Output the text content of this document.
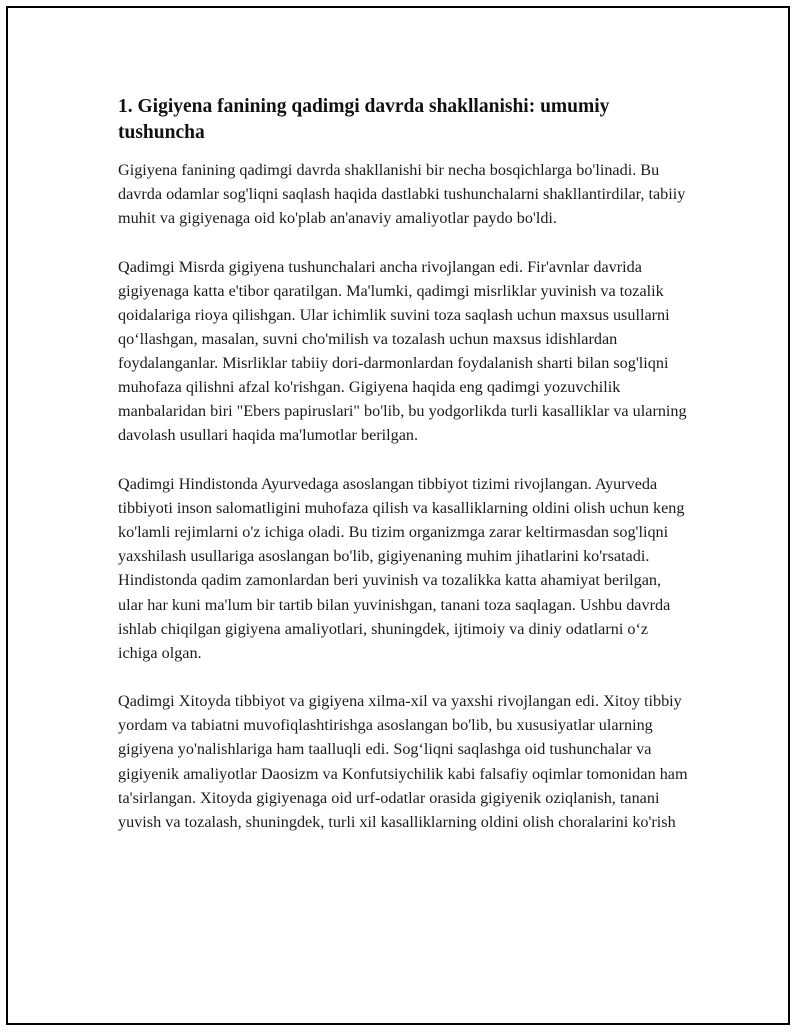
1. Gigiyena fanining qadimgi davrda shakllanishi: umumiy tushuncha

Gigiyena fanining qadimgi davrda shakllanishi bir necha bosqichlarga bo'linadi. Bu davrda odamlar sog'liqni saqlash haqida dastlabki tushunchalarni shakllantirdilar, tabiiy muhit va gigiyenaga oid ko'plab an'anaviy amaliyotlar paydo bo'ldi.

Qadimgi Misrda gigiyena tushunchalari ancha rivojlangan edi. Fir'avnlar davrida gigiyenaga katta e'tibor qaratilgan. Ma'lumki, qadimgi misrliklar yuvinish va tozalik qoidalariga rioya qilishgan. Ular ichimlik suvini toza saqlash uchun maxsus usullarni qo‘llashgan, masalan, suvni cho'milish va tozalash uchun maxsus idishlardan foydalanganlar. Misrliklar tabiiy dori-darmonlardan foydalanish sharti bilan sog'liqni muhofaza qilishni afzal ko'rishgan. Gigiyena haqida eng qadimgi yozuvchilik manbalaridan biri "Ebers papiruslari" bo'lib, bu yodgorlikda turli kasalliklar va ularning davolash usullari haqida ma'lumotlar berilgan.

Qadimgi Hindistonda Ayurvedaga asoslangan tibbiyot tizimi rivojlangan. Ayurveda tibbiyoti inson salomatligini muhofaza qilish va kasalliklarning oldini olish uchun keng ko'lamli rejimlarni o'z ichiga oladi. Bu tizim organizmga zarar keltirmasdan sog'liqni yaxshilash usullariga asoslangan bo'lib, gigiyenaning muhim jihatlarini ko'rsatadi. Hindistonda qadim zamonlardan beri yuvinish va tozalikka katta ahamiyat berilgan, ular har kuni ma'lum bir tartib bilan yuvinishgan, tanani toza saqlagan. Ushbu davrda ishlab chiqilgan gigiyena amaliyotlari, shuningdek, ijtimoiy va diniy odatlarni o‘z ichiga olgan.

Qadimgi Xitoyda tibbiyot va gigiyena xilma-xil va yaxshi rivojlangan edi. Xitoy tibbiy yordam va tabiatni muvofiqlashtirishga asoslangan bo'lib, bu xususiyatlar ularning gigiyena yo'nalishlariga ham taalluqli edi. Sog‘liqni saqlashga oid tushunchalar va gigiyenik amaliyotlar Daosizm va Konfutsiychilik kabi falsafiy oqimlar tomonidan ham ta'sirlangan. Xitoyda gigiyenaga oid urf-odatlar orasida gigiyenik oziqlanish, tanani yuvish va tozalash, shuningdek, turli xil kasalliklarning oldini olish choralarini ko'rish
